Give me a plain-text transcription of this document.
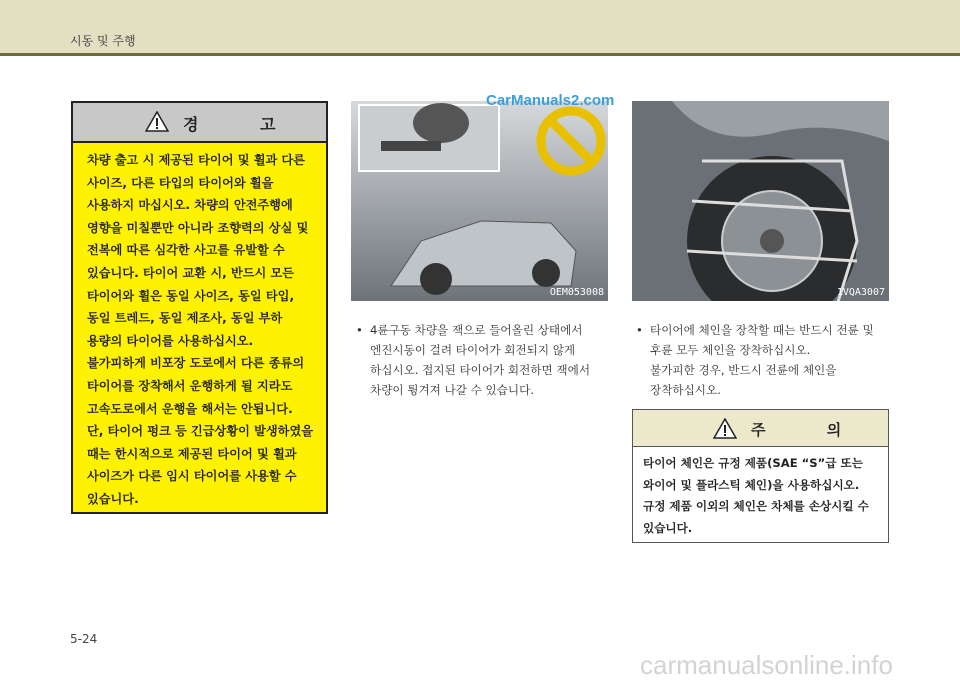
시동 및 주행
경 고
차량 출고 시 제공된 타이어 및 휠과 다른 사이즈, 다른 타입의 타이어와 휠을 사용하지 마십시오. 차량의 안전주행에 영향을 미칠뿐만 아니라 조향력의 상실 및 전복에 따른 심각한 사고를 유발할 수 있습니다. 타이어 교환 시, 반드시 모든 타이어와 휠은 동일 사이즈, 동일 타입, 동일 트레드, 동일 제조사, 동일 부하 용량의 타이어를 사용하십시오. 불가피하게 비포장 도로에서 다른 종류의 타이어를 장착해서 운행하게 될 지라도 고속도로에서 운행을 해서는 안됩니다.
단, 타이어 펑크 등 긴급상황이 발생하였을 때는 한시적으로 제공된 타이어 및 휠과 사이즈가 다른 임시 타이어를 사용할 수 있습니다.
OEM053008
CarManuals2.com
1VQA3007
• 4륜구동 차량을 잭으로 들어올린 상태에서 엔진시동이 걸려 타이어가 회전되지 않게 하십시오. 접지된 타이어가 회전하면 잭에서 차량이 튕겨져 나갈 수 있습니다.
• 타이어에 체인을 장착할 때는 반드시 전륜 및 후륜 모두 체인을 장착하십시오.
불가피한 경우, 반드시 전륜에 체인을 장착하십시오.
주 의
타이어 체인은 규정 제품(SAE “S”급 또는 와이어 및 플라스틱 체인)을 사용하십시오. 규정 제품 이외의 체인은 차체를 손상시킬 수 있습니다.
5-24
carmanualsonline.info
